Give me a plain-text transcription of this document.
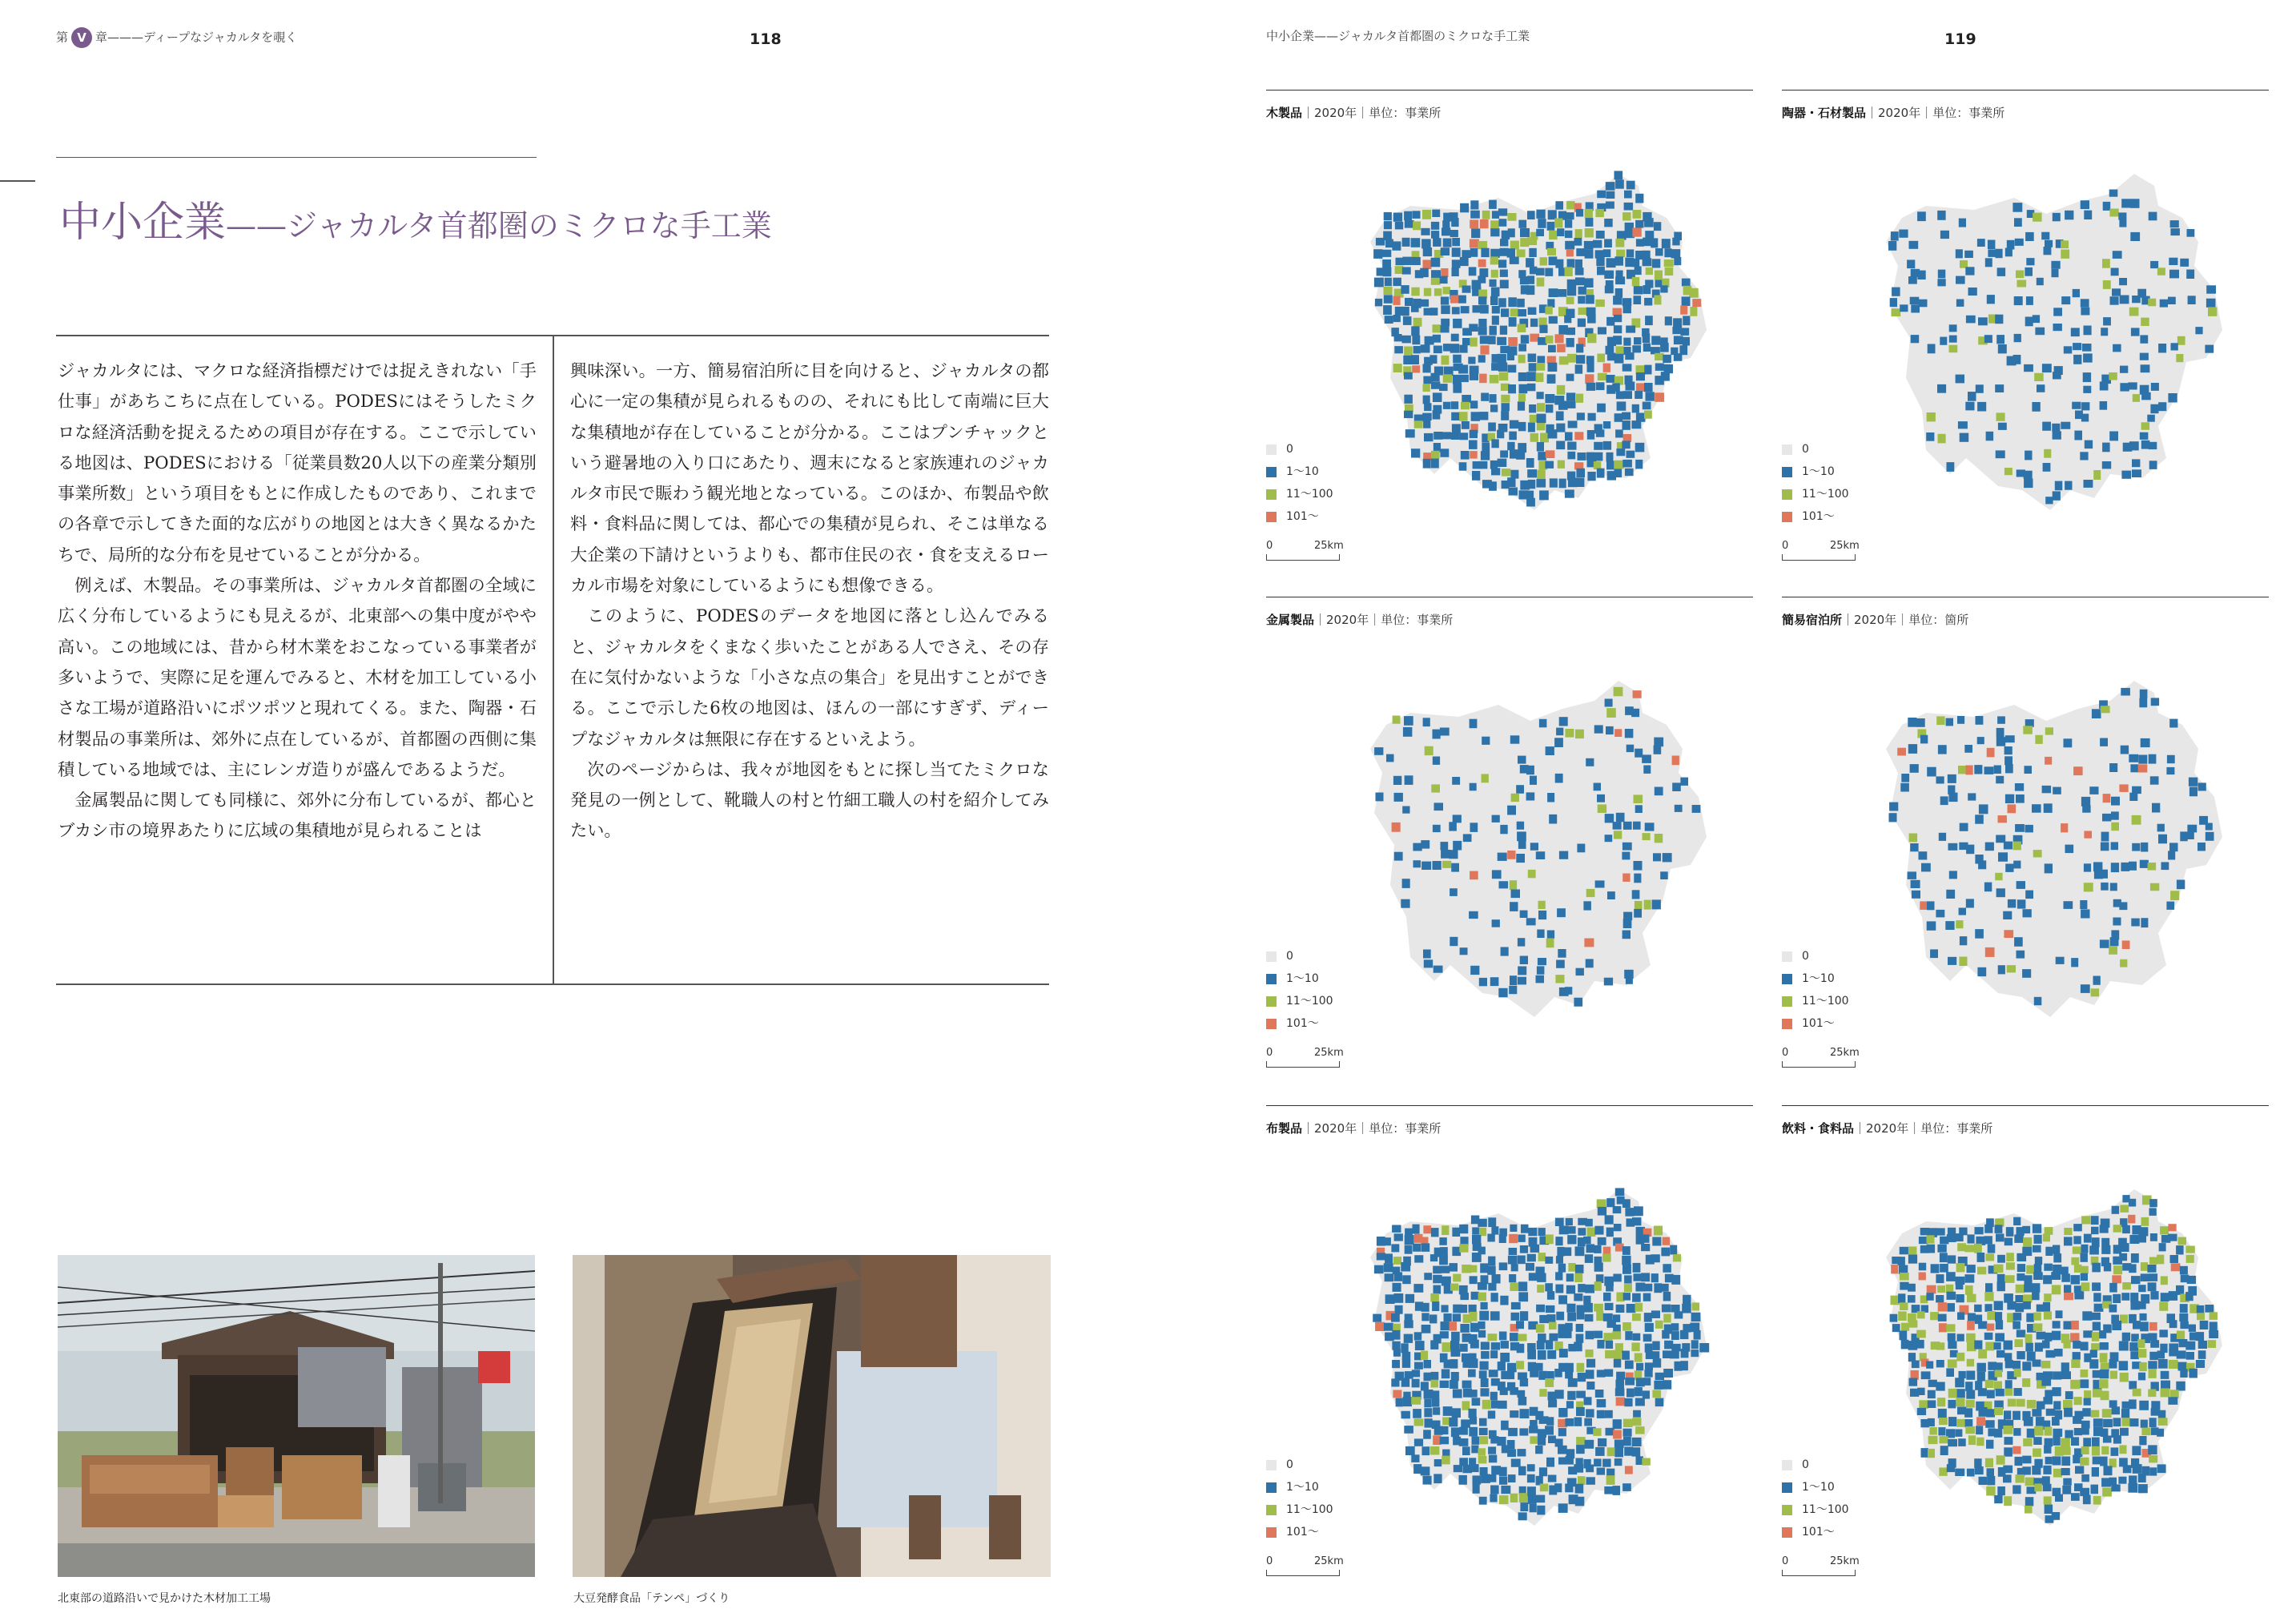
第 V 章———ディープなジャカルタを覗く	118
中小企業——ジャカルタ首都圏のミクロな手工業

ジャカルタには、マクロな経済指標だけでは捉えきれない「手仕事」があちこちに点在している。PODESにはそうしたミクロな経済活動を捉えるための項目が存在する。ここで示している地図は、PODESにおける「従業員数20人以下の産業分類別事業所数」という項目をもとに作成したものであり、これまでの各章で示してきた面的な広がりの地図とは大きく異なるかたちで、局所的な分布を見せていることが分かる。

例えば、木製品。その事業所は、ジャカルタ首都圏の全域に広く分布しているようにも見えるが、北東部への集中度がやや高い。この地域には、昔から材木業をおこなっている事業者が多いようで、実際に足を運んでみると、木材を加工している小さな工場が道路沿いにポツポツと現れてくる。また、陶器・石材製品の事業所は、郊外に点在しているが、首都圏の西側に集積している地域では、主にレンガ造りが盛んであるようだ。

金属製品に関しても同様に、郊外に分布しているが、都心とブカシ市の境界あたりに広域の集積地が見られることは

興味深い。一方、簡易宿泊所に目を向けると、ジャカルタの都心に一定の集積が見られるものの、それにも比して南端に巨大な集積地が存在していることが分かる。ここはプンチャックという避暑地の入り口にあたり、週末になると家族連れのジャカルタ市民で賑わう観光地となっている。このほか、布製品や飲料・食料品に関しては、都心での集積が見られ、そこは単なる大企業の下請けというよりも、都市住民の衣・食を支えるローカル市場を対象にしているようにも想像できる。

このように、PODESのデータを地図に落とし込んでみると、ジャカルタをくまなく歩いたことがある人でさえ、その存在に気付かないような「小さな点の集合」を見出すことができる。ここで示した6枚の地図は、ほんの一部にすぎず、ディープなジャカルタは無限に存在するといえよう。

次のページからは、我々が地図をもとに探し当てたミクロな発見の一例として、靴職人の村と竹細工職人の村を紹介してみたい。

北東部の道路沿いで見かけた木材加工工場	大豆発酵食品「テンペ」づくり
中小企業——ジャカルタ首都圏のミクロな手工業	119
木製品｜2020年｜単位：事業所
0
1〜10
11〜100
101〜
0	25km
陶器・石材製品｜2020年｜単位：事業所
0
1〜10
11〜100
101〜
0	25km
金属製品｜2020年｜単位：事業所
0
1〜10
11〜100
101〜
0	25km
簡易宿泊所｜2020年｜単位：箇所
0
1〜10
11〜100
101〜
0	25km
布製品｜2020年｜単位：事業所
0
1〜10
11〜100
101〜
0	25km
飲料・食料品｜2020年｜単位：事業所
0
1〜10
11〜100
101〜
0	25km
